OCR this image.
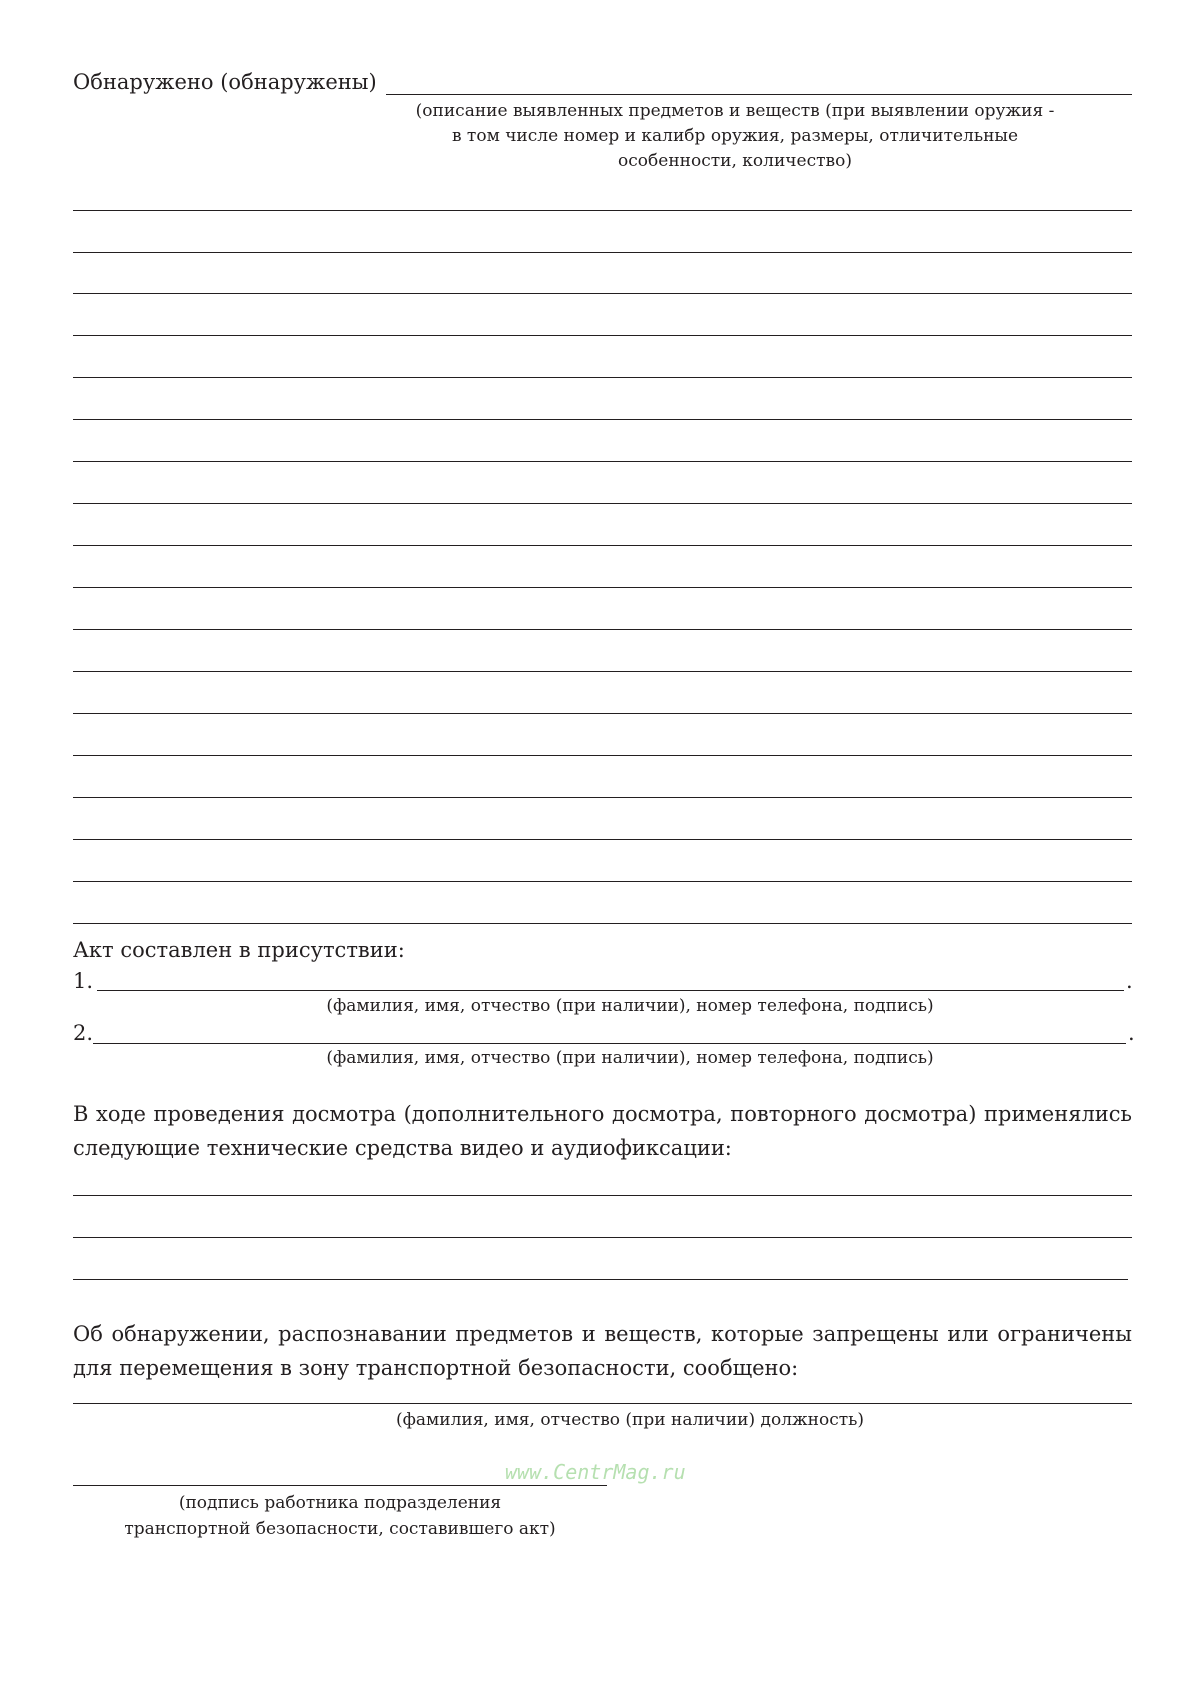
Обнаружено (обнаружены)
(описание выявленных предметов и веществ (при выявлении оружия -
в том числе номер и калибр оружия, размеры, отличительные
особенности, количество)
Акт составлен в присутствии:
1.	.
(фамилия, имя, отчество (при наличии), номер телефона, подпись)
2.	.
(фамилия, имя, отчество (при наличии), номер телефона, подпись)
В ходе проведения досмотра (дополнительного досмотра, повторного досмотра) применялись
следующие технические средства видео и аудиофиксации:
Об обнаружении, распознавании предметов и веществ, которые запрещены или ограничены
для перемещения в зону транспортной безопасности, сообщено:
(фамилия, имя, отчество (при наличии) должность)
www.CentrMag.ru
(подпись работника подразделения
транспортной безопасности, составившего акт)
